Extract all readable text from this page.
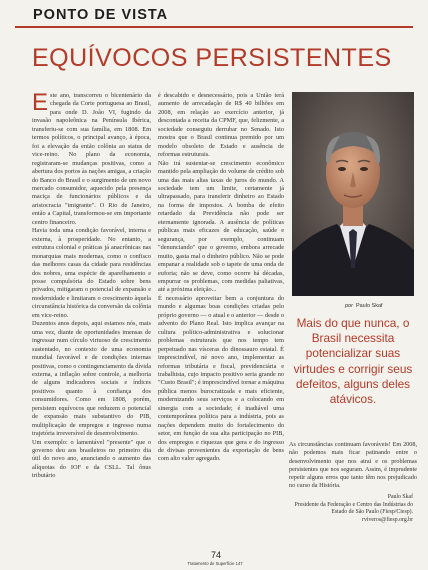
PONTO DE VISTA
EQUÍVOCOS PERSISTENTES

Este ano, transcorreu o bicentenário da chegada da Corte portuguesa ao Brasil, para onde D. João VI, fugindo da invasão napoleônica na Península Ibérica, transferiu-se com sua família, em 1808. Em termos políticos, o principal avanço, à época, foi a elevação da então colônia ao status de vice-reino. No plano da economia, registraram-se mudanças positivas, como a abertura dos portos às nações amigas, a criação do Banco do Brasil e o surgimento de um novo mercado consumidor, aquecido pela presença maciça de funcionários públicos e da aristocracia "imigrante". O Rio de Janeiro, então a Capital, transformou-se em importante centro financeiro.

Havia toda uma condição favorável, interna e externa, à prosperidade. No entanto, a estrutura colonial e práticas já anacrônicas nas monarquias mais modernas, como o confisco das melhores casas da cidade para residências dos nobres, uma espécie de aparelhamento e posse compulsória do Estado sobre bens privados, mitigaram o potencial de expansão e modernidade e limitaram o crescimento àquela circunstância histórica da conversão da colônia em vice-reino.

Duzentos anos depois, aqui estamos nós, mais uma vez, diante de oportunidades imensas de ingressar num círculo virtuoso de crescimento sustentado, no contexto de uma economia mundial favorável e de condições internas positivas, como o contingenciamento da dívida externa, a inflação sobre controle, a melhoria de alguns indicadores sociais e índices positivos quanto à confiança dos consumidores. Como em 1808, porém, persistem equívocos que reduzem o potencial de expansão mais substantivo do PIB, multiplicação de empregos e ingresso numa trajetória irreversível de desenvolvimento.

Um exemplo: o lamentável "presente" que o governo deu aos brasileiros no primeiro dia útil do novo ano, anunciando o aumento das alíquotas do IOF e da CSLL. Tal ônus tributário

é descabido e desnecessário, pois a União terá aumento de arrecadação de R$ 40 bilhões em 2008, em relação ao exercício anterior, já descontada a receita da CPMF, que, felizmente, a sociedade conseguiu derrubar no Senado. Isto mostra que o Brasil continua premido por um modelo obsoleto de Estado e ausência de reformas estruturais.

Não irá sustentar-se crescimento econômico mantido pela ampliação do volume de crédito sob uma das mais altas taxas de juros do mundo. A sociedade tem um limite, certamente já ultrapassado, para transferir dinheiro ao Estado na forma de impostos. A bomba de efeito retardado da Previdência não pode ser eternamente ignorada. A ausência de políticas públicas mais eficazes de educação, saúde e segurança, por exemplo, continuam "denunciando" que o governo, embora arrecade muito, gasta mal o dinheiro público. Não se pode empanar a realidade sob o tapete de uma onda de euforia; não se deve, como ocorre há décadas, empurrar os problemas, com medidas paliativas, até a próxima eleição...

É necessário aproveitar bem a conjuntura do mundo e algumas boas condições criadas pelo próprio governo — o atual e o anterior — desde o advento do Plano Real. Isto implica avançar na cultura político-administrativa e solucionar problemas estruturais que nos tempo tem perpetuado nas vísceras do dinossauro estatal. É imprescindível, né novo ano, implementar as reformas tributária e fiscal, previdenciária e trabalhista, cujo impacto positivo seria grande no "Custo Brasil"; é imprescindível tornar a máquina pública menos burocratizada e mais eficiente, modernizando seus serviços e a colocando em sinergia com a sociedade; é inadiável uma contemporânea política para a indústria, pois as nações dependem muito do fortalecimento do setor, em função de sua alta participação no PIB, dos empregos e riquezas que gera e do ingresso de divisas provenientes da exportação de bens com alto valor agregado.

por Paulo Skaf
Mais do que nunca, o Brasil necessita potencializar suas virtudes e corrigir seus defeitos, alguns deles atávicos.
As circunstâncias continuam favoráveis! Em 2008, não podemos mais ficar patinando entre o desenvolvimento que nos atrai e os problemas persistentes que nos seguram. Assim, é imprudente repetir alguns erros que tanto têm nos prejudicado no curso da História.
Paulo Skaf
Presidente da Federação e Centro das Indústrias do Estado de São Paulo (Fiesp/Ciesp).
rviveros@fiesp.org.br
74
Tratamento de Superfície 147
